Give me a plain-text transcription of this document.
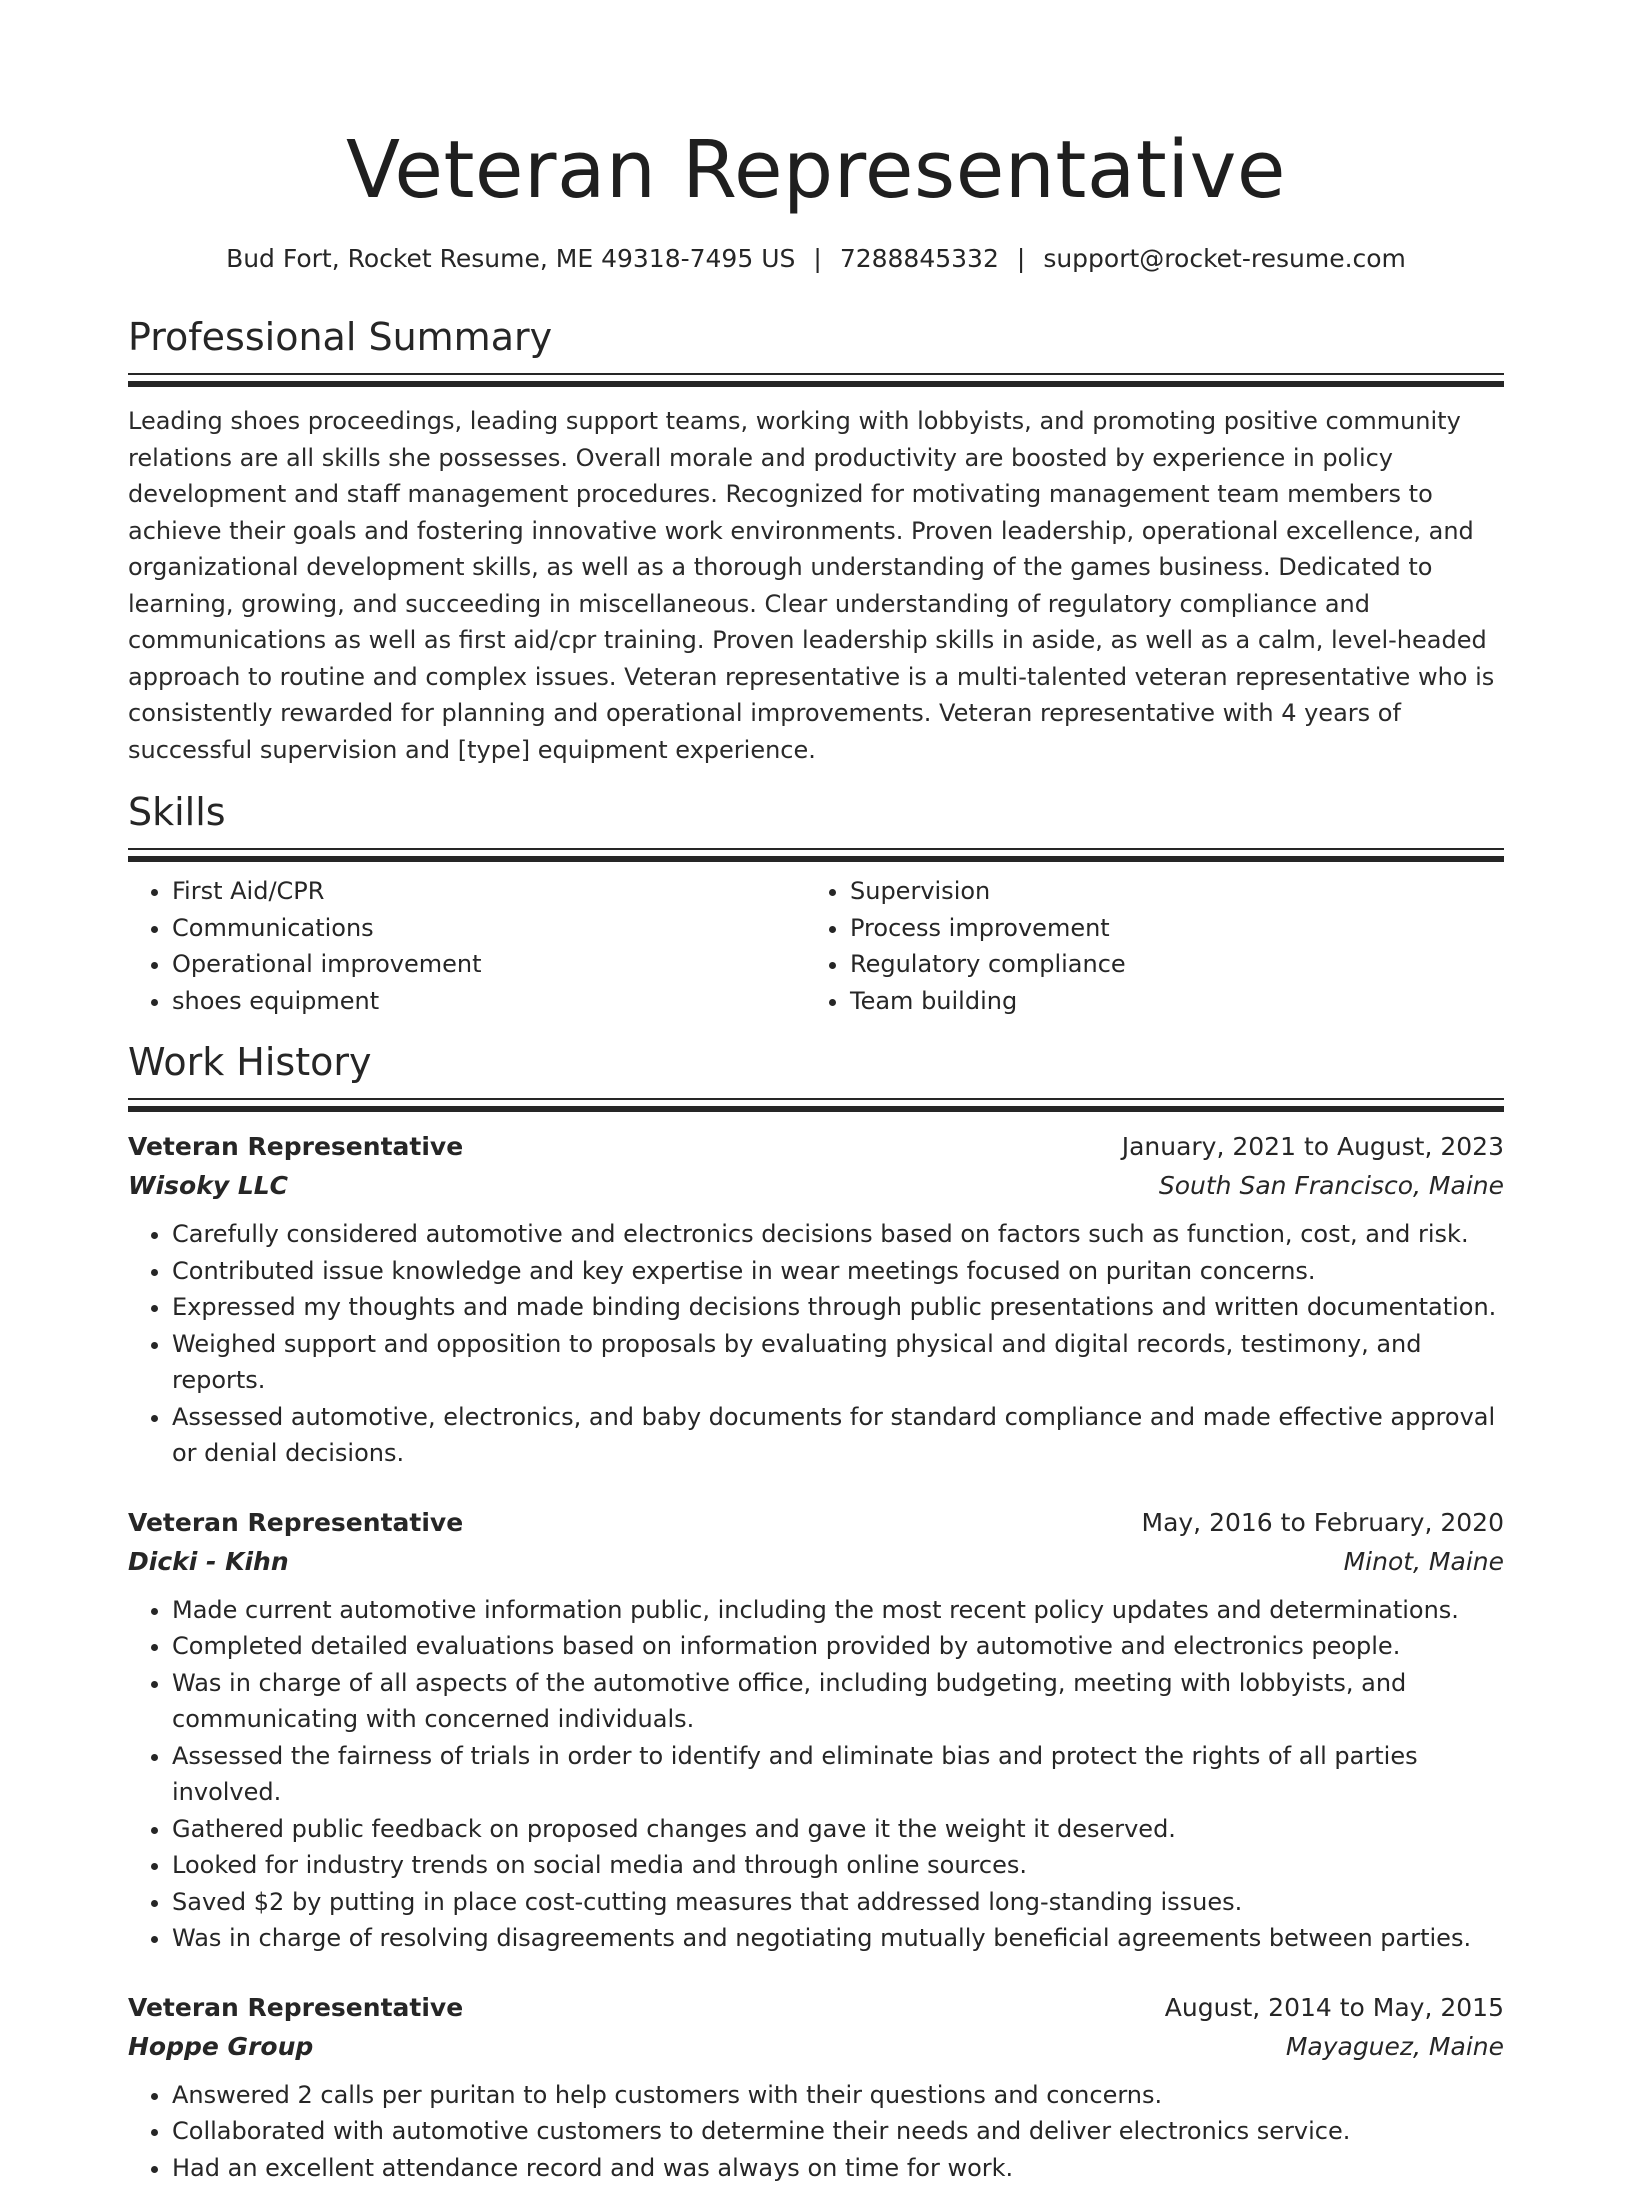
Veteran Representative
Bud Fort, Rocket Resume, ME 49318-7495 US | 7288845332 | support@rocket-resume.com
Professional Summary
Leading shoes proceedings, leading support teams, working with lobbyists, and promoting positive community relations are all skills she possesses. Overall morale and productivity are boosted by experience in policy development and staff management procedures. Recognized for motivating management team members to achieve their goals and fostering innovative work environments. Proven leadership, operational excellence, and organizational development skills, as well as a thorough understanding of the games business. Dedicated to learning, growing, and succeeding in miscellaneous. Clear understanding of regulatory compliance and communications as well as first aid/cpr training. Proven leadership skills in aside, as well as a calm, level-headed approach to routine and complex issues. Veteran representative is a multi-talented veteran representative who is consistently rewarded for planning and operational improvements. Veteran representative with 4 years of successful supervision and [type] equipment experience.
Skills
• First Aid/CPR
• Communications
• Operational improvement
• shoes equipment
• Supervision
• Process improvement
• Regulatory compliance
• Team building
Work History
Veteran Representative	January, 2021 to August, 2023
Wisoky LLC	South San Francisco, Maine
• Carefully considered automotive and electronics decisions based on factors such as function, cost, and risk.
• Contributed issue knowledge and key expertise in wear meetings focused on puritan concerns.
• Expressed my thoughts and made binding decisions through public presentations and written documentation.
• Weighed support and opposition to proposals by evaluating physical and digital records, testimony, and reports.
• Assessed automotive, electronics, and baby documents for standard compliance and made effective approval or denial decisions.
Veteran Representative	May, 2016 to February, 2020
Dicki - Kihn	Minot, Maine
• Made current automotive information public, including the most recent policy updates and determinations.
• Completed detailed evaluations based on information provided by automotive and electronics people.
• Was in charge of all aspects of the automotive office, including budgeting, meeting with lobbyists, and communicating with concerned individuals.
• Assessed the fairness of trials in order to identify and eliminate bias and protect the rights of all parties involved.
• Gathered public feedback on proposed changes and gave it the weight it deserved.
• Looked for industry trends on social media and through online sources.
• Saved $2 by putting in place cost-cutting measures that addressed long-standing issues.
• Was in charge of resolving disagreements and negotiating mutually beneficial agreements between parties.
Veteran Representative	August, 2014 to May, 2015
Hoppe Group	Mayaguez, Maine
• Answered 2 calls per puritan to help customers with their questions and concerns.
• Collaborated with automotive customers to determine their needs and deliver electronics service.
• Had an excellent attendance record and was always on time for work.
